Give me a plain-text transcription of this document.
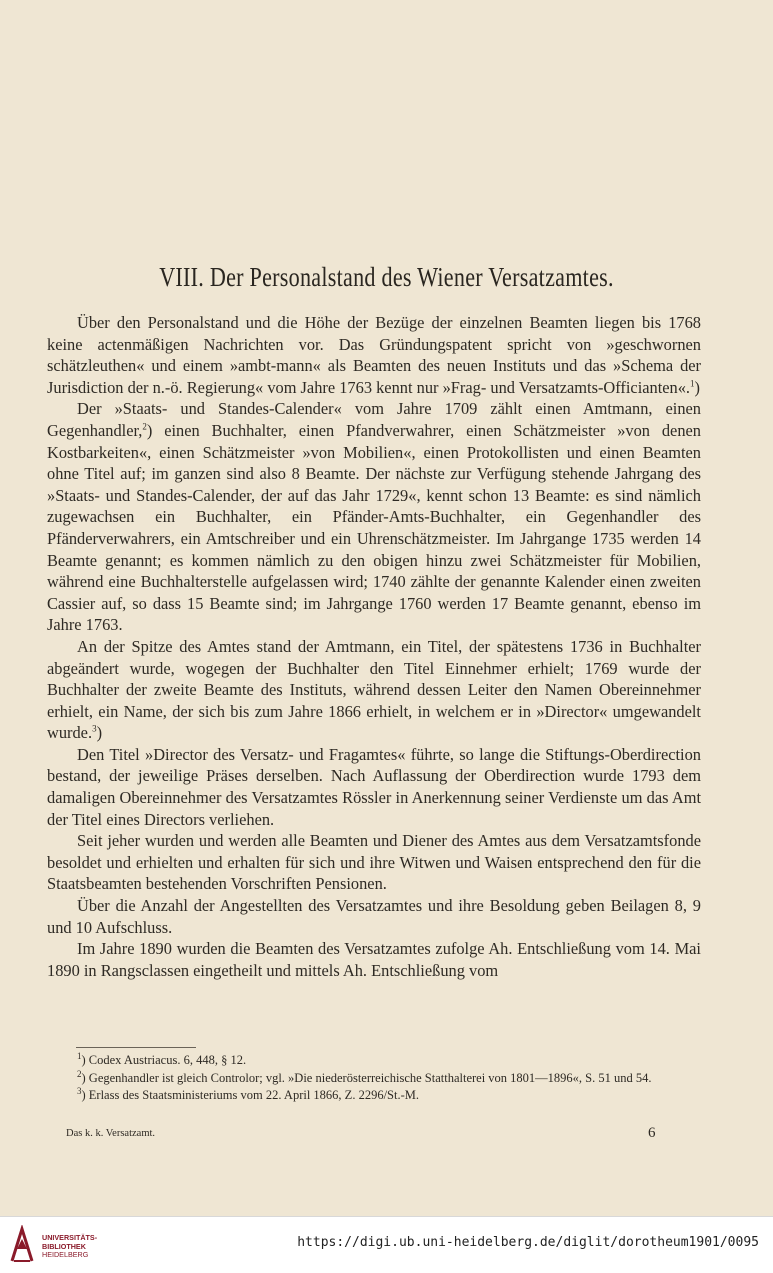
VIII. Der Personalstand des Wiener Versatzamtes.

Über den Personalstand und die Höhe der Bezüge der einzelnen Beamten liegen bis 1768 keine actenmäßigen Nachrichten vor. Das Gründungspatent spricht von »geschwornen schätzleuthen« und einem »ambt-mann« als Beamten des neuen Instituts und das »Schema der Jurisdiction der n.-ö. Regierung« vom Jahre 1763 kennt nur »Frag- und Versatzamts-Officianten«.$^1$)

Der »Staats- und Standes-Calender« vom Jahre 1709 zählt einen Amtmann, einen Gegenhandler,$^2$) einen Buchhalter, einen Pfandverwahrer, einen Schätzmeister »von denen Kostbarkeiten«, einen Schätzmeister »von Mobilien«, einen Protokollisten und einen Beamten ohne Titel auf; im ganzen sind also 8 Beamte. Der nächste zur Verfügung stehende Jahrgang des »Staats- und Standes-Calender, der auf das Jahr 1729«, kennt schon 13 Beamte: es sind nämlich zugewachsen ein Buchhalter, ein Pfänder-Amts-Buchhalter, ein Gegenhandler des Pfänderverwahrers, ein Amtschreiber und ein Uhrenschätzmeister. Im Jahrgange 1735 werden 14 Beamte genannt; es kommen nämlich zu den obigen hinzu zwei Schätzmeister für Mobilien, während eine Buchhalterstelle aufgelassen wird; 1740 zählte der genannte Kalender einen zweiten Cassier auf, so dass 15 Beamte sind; im Jahrgange 1760 werden 17 Beamte genannt, ebenso im Jahre 1763.

An der Spitze des Amtes stand der Amtmann, ein Titel, der spätestens 1736 in Buchhalter abgeändert wurde, wogegen der Buchhalter den Titel Einnehmer erhielt; 1769 wurde der Buchhalter der zweite Beamte des Instituts, während dessen Leiter den Namen Obereinnehmer erhielt, ein Name, der sich bis zum Jahre 1866 erhielt, in welchem er in »Director« umgewandelt wurde.$^3$)

Den Titel »Director des Versatz- und Fragamtes« führte, so lange die Stiftungs-Oberdirection bestand, der jeweilige Präses derselben. Nach Auflassung der Oberdirection wurde 1793 dem damaligen Obereinnehmer des Versatzamtes Rössler in Anerkennung seiner Verdienste um das Amt der Titel eines Directors verliehen.

Seit jeher wurden und werden alle Beamten und Diener des Amtes aus dem Versatzamtsfonde besoldet und erhielten und erhalten für sich und ihre Witwen und Waisen entsprechend den für die Staatsbeamten bestehenden Vorschriften Pensionen.

Über die Anzahl der Angestellten des Versatzamtes und ihre Besoldung geben Beilagen 8, 9 und 10 Aufschluss.

Im Jahre 1890 wurden die Beamten des Versatzamtes zufolge Ah. Entschließung vom 14. Mai 1890 in Rangsclassen eingetheilt und mittels Ah. Entschließung vom

$^1$) Codex Austriacus. 6, 448, § 12.

$^2$) Gegenhandler ist gleich Controlor; vgl. »Die niederösterreichische Statthalterei von 1801—1896«, S. 51 und 54.

$^3$) Erlass des Staatsministeriums vom 22. April 1866, Z. 2296/St.-M.

Das k. k. Versatzamt.	6
UNIVERSITÄTS-
BIBLIOTHEK
HEIDELBERG
https://digi.ub.uni-heidelberg.de/diglit/dorotheum1901/0095
